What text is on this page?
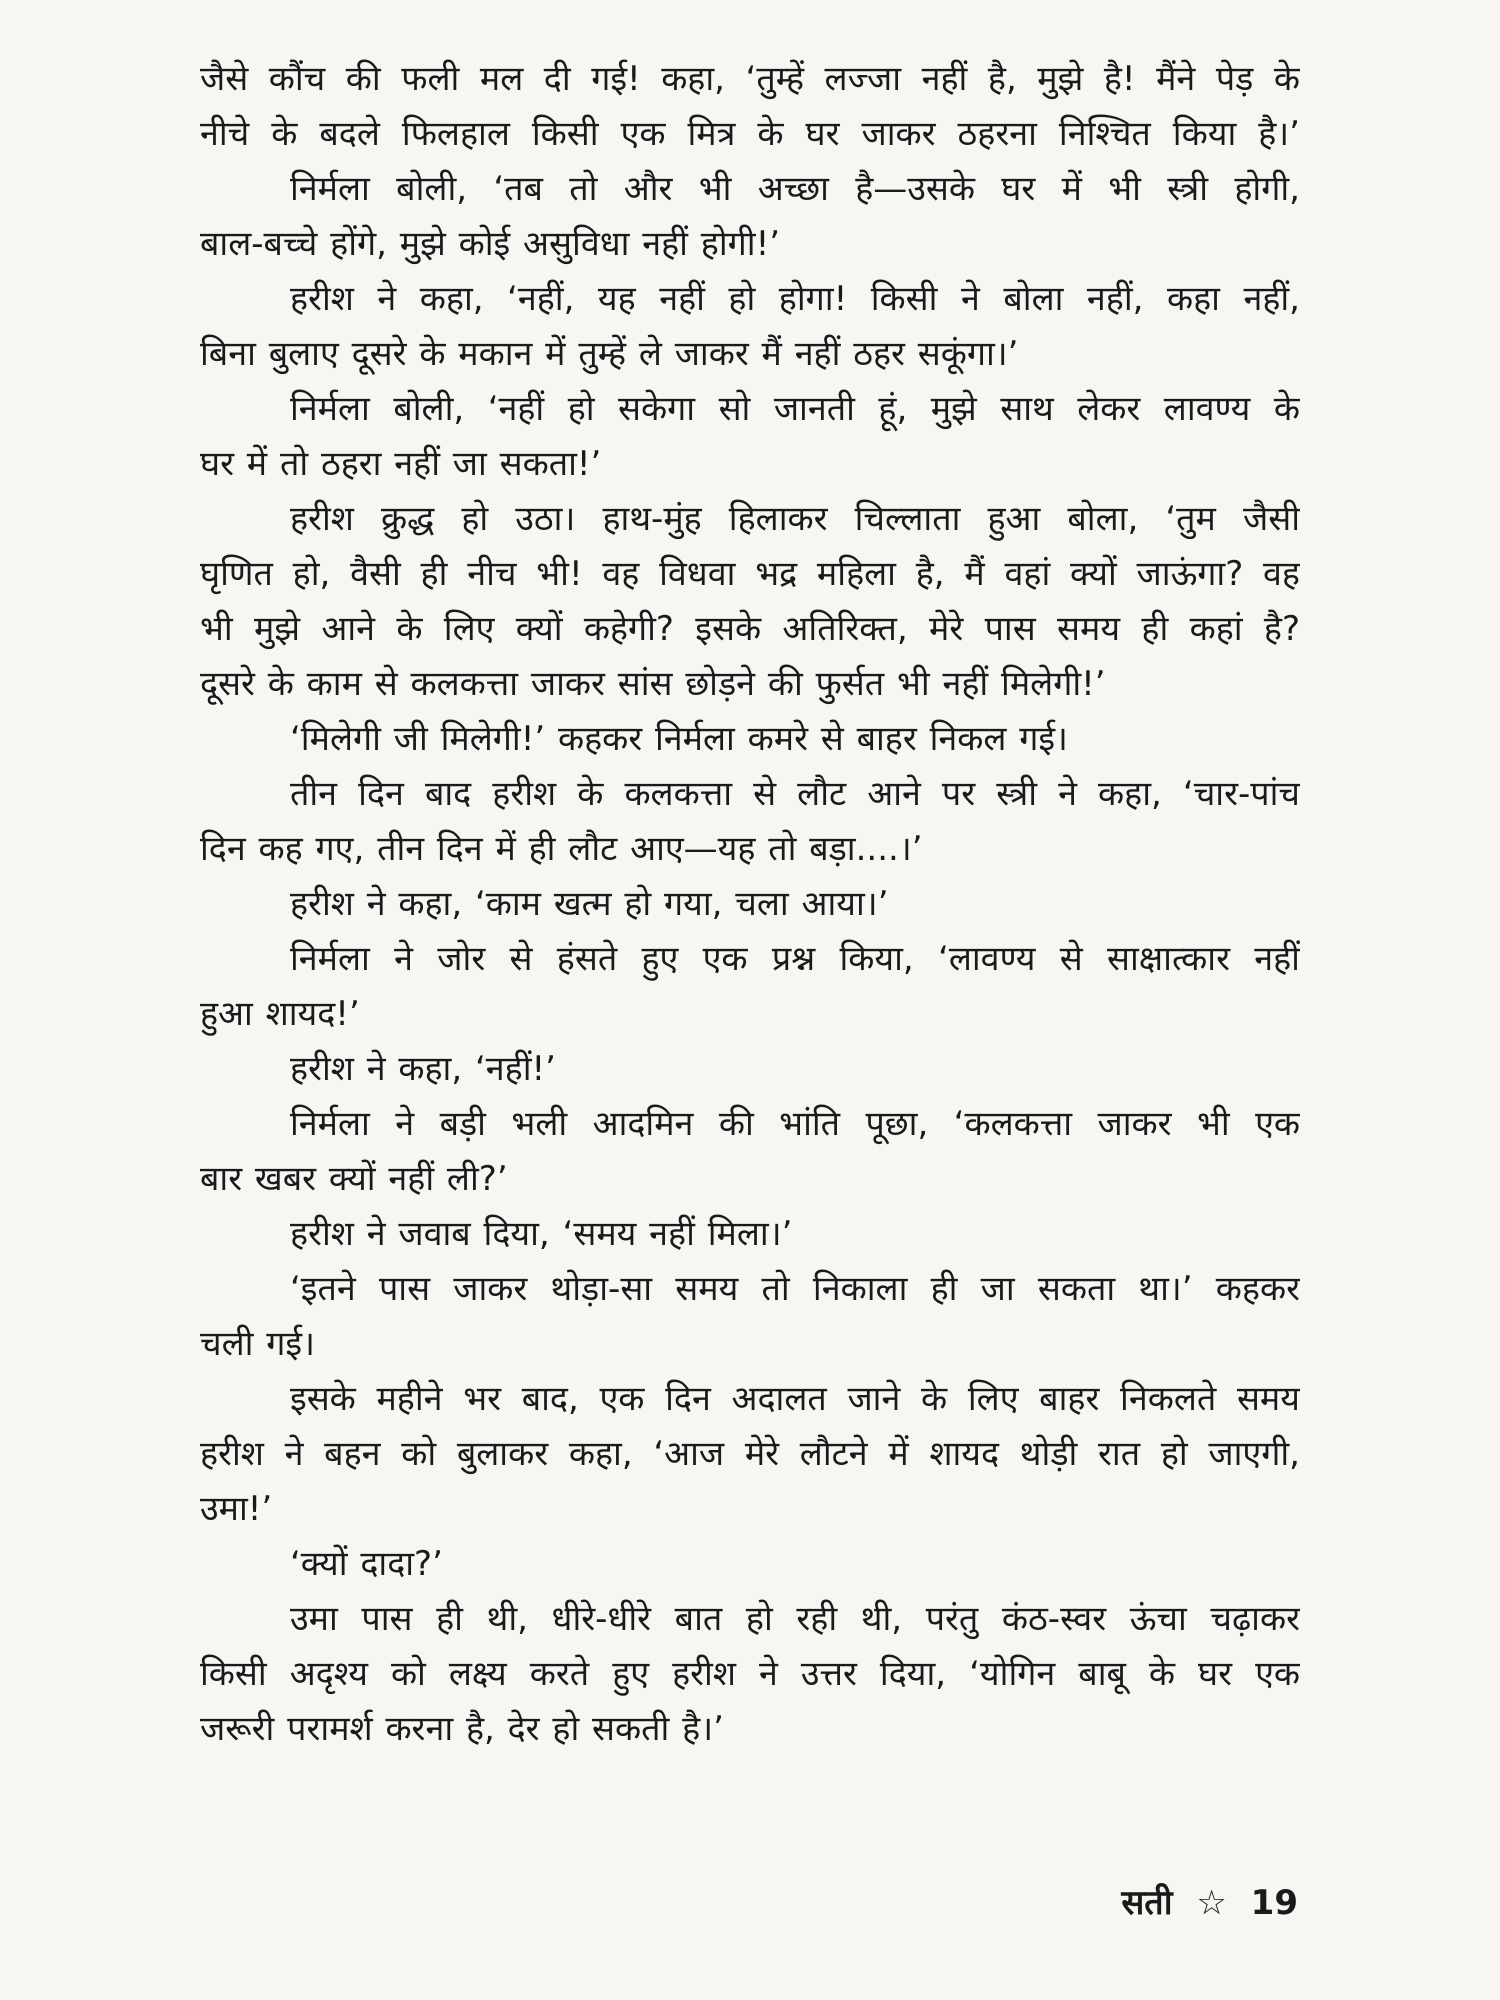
जैसे कौंच की फली मल दी गई! कहा, ‘तुम्हें लज्जा नहीं है, मुझे है! मैंने पेड़ के
नीचे के बदले फिलहाल किसी एक मित्र के घर जाकर ठहरना निश्चित किया है।’
निर्मला बोली, ‘तब तो और भी अच्छा है—उसके घर में भी स्त्री होगी,
बाल-बच्चे होंगे, मुझे कोई असुविधा नहीं होगी!’
हरीश ने कहा, ‘नहीं, यह नहीं हो होगा! किसी ने बोला नहीं, कहा नहीं,
बिना बुलाए दूसरे के मकान में तुम्हें ले जाकर मैं नहीं ठहर सकूंगा।’
निर्मला बोली, ‘नहीं हो सकेगा सो जानती हूं, मुझे साथ लेकर लावण्य के
घर में तो ठहरा नहीं जा सकता!’
हरीश क्रुद्ध हो उठा। हाथ-मुंह हिलाकर चिल्लाता हुआ बोला, ‘तुम जैसी
घृणित हो, वैसी ही नीच भी! वह विधवा भद्र महिला है, मैं वहां क्यों जाऊंगा? वह
भी मुझे आने के लिए क्यों कहेगी? इसके अतिरिक्त, मेरे पास समय ही कहां है?
दूसरे के काम से कलकत्ता जाकर सांस छोड़ने की फुर्सत भी नहीं मिलेगी!’
‘मिलेगी जी मिलेगी!’ कहकर निर्मला कमरे से बाहर निकल गई।
तीन दिन बाद हरीश के कलकत्ता से लौट आने पर स्त्री ने कहा, ‘चार-पांच
दिन कह गए, तीन दिन में ही लौट आए—यह तो बड़ा....।’
हरीश ने कहा, ‘काम खत्म हो गया, चला आया।’
निर्मला ने जोर से हंसते हुए एक प्रश्न किया, ‘लावण्य से साक्षात्कार नहीं
हुआ शायद!’
हरीश ने कहा, ‘नहीं!’
निर्मला ने बड़ी भली आदमिन की भांति पूछा, ‘कलकत्ता जाकर भी एक
बार खबर क्यों नहीं ली?’
हरीश ने जवाब दिया, ‘समय नहीं मिला।’
‘इतने पास जाकर थोड़ा-सा समय तो निकाला ही जा सकता था।’ कहकर
चली गई।
इसके महीने भर बाद, एक दिन अदालत जाने के लिए बाहर निकलते समय
हरीश ने बहन को बुलाकर कहा, ‘आज मेरे लौटने में शायद थोड़ी रात हो जाएगी,
उमा!’
‘क्यों दादा?’
उमा पास ही थी, धीरे-धीरे बात हो रही थी, परंतु कंठ-स्वर ऊंचा चढ़ाकर
किसी अदृश्य को लक्ष्य करते हुए हरीश ने उत्तर दिया, ‘योगिन बाबू के घर एक
जरूरी परामर्श करना है, देर हो सकती है।’
सती ☆ 19
